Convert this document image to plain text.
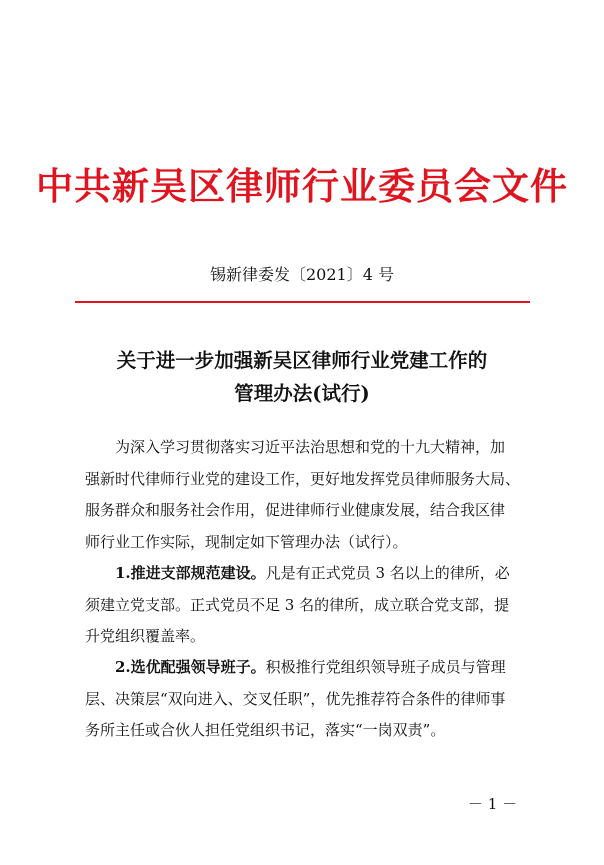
中共新吴区律师行业委员会文件
锡新律委发〔2021〕4 号
关于进一步加强新吴区律师行业党建工作的
管理办法(试行)
为深入学习贯彻落实习近平法治思想和党的十九大精神，加
强新时代律师行业党的建设工作，更好地发挥党员律师服务大局、
服务群众和服务社会作用，促进律师行业健康发展，结合我区律
师行业工作实际，现制定如下管理办法（试行）。
1.推进支部规范建设。凡是有正式党员 3 名以上的律所，必
须建立党支部。正式党员不足 3 名的律所，成立联合党支部，提
升党组织覆盖率。
2.选优配强领导班子。积极推行党组织领导班子成员与管理
层、决策层“双向进入、交叉任职”，优先推荐符合条件的律师事
务所主任或合伙人担任党组织书记，落实“一岗双责”。
－ 1 －
